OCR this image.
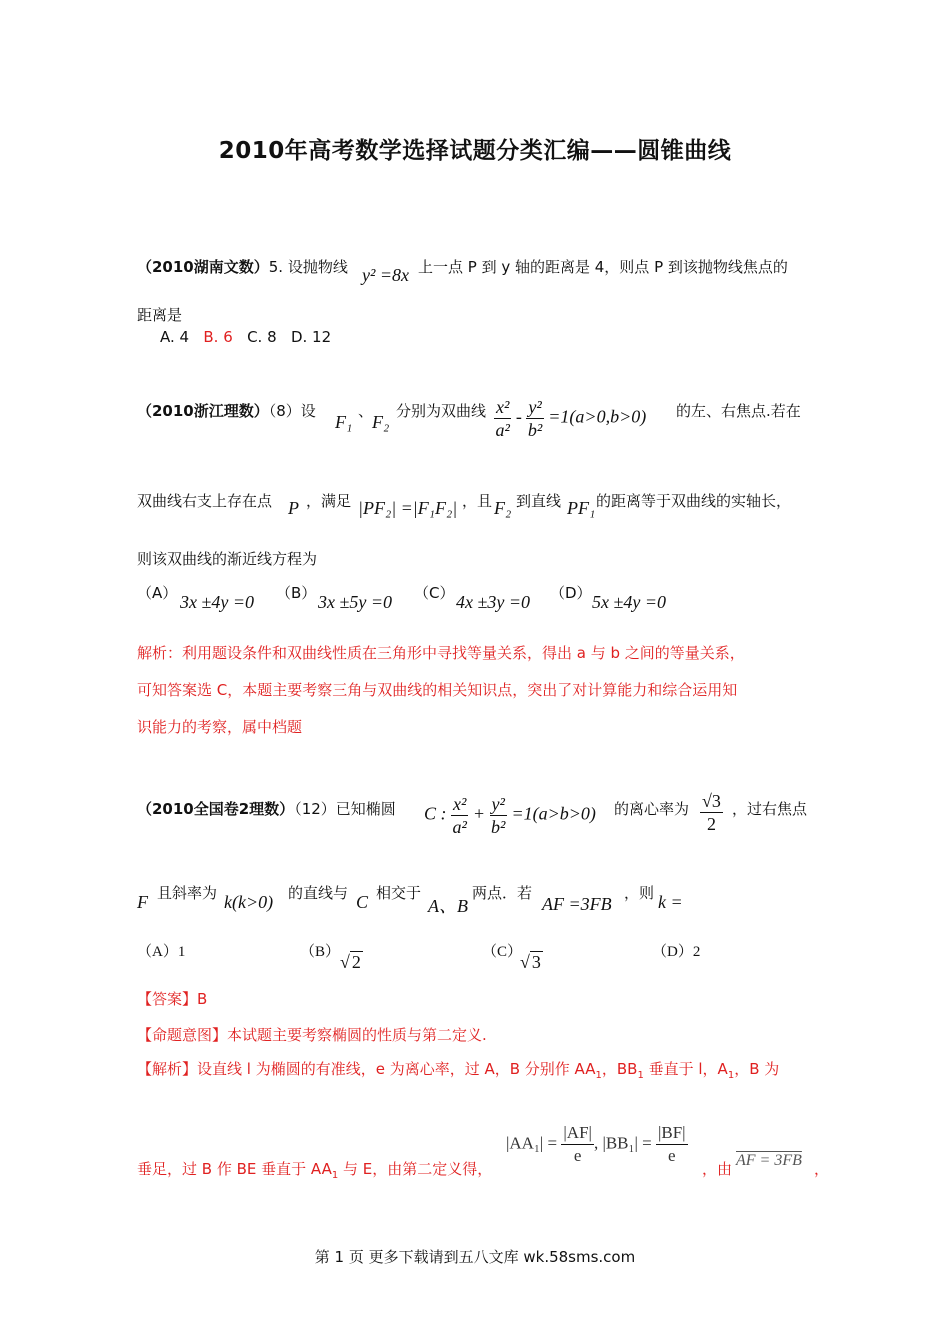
2010年高考数学选择试题分类汇编——圆锥曲线
（2010湖南文数）5. 设抛物线 y² =8x 上一点 P 到 y 轴的距离是 4，则点 P 到该抛物线焦点的
距离是
A. 4 B. 6 C. 8 D. 12
（2010浙江理数）（8）设
F₁
、
F₂
分别为双曲线 $\frac{\text{x²}}{\text{a²}} - \frac{\text{y²}}{\text{b²}} =1(a>0,b>0)$ 的左、右焦点.若在
双曲线右支上存在点 P ，满足 |PF₂| =|F₁F₂| ，且 F₂ 到直线 PF₁ 的距离等于双曲线的实轴长，
则该双曲线的渐近线方程为
（A） 3x ±4y =0 （B） 3x ±5y =0 （C） 4x ±3y =0 （D） 5x ±4y =0
解析：利用题设条件和双曲线性质在三角形中寻找等量关系，得出 a 与 b 之间的等量关系，
可知答案选 C，本题主要考察三角与双曲线的相关知识点，突出了对计算能力和综合运用知
识能力的考察，属中档题
（2010全国卷2理数）（12）已知椭圆 C : $\frac{\text{x²}}{\text{a²}} + \frac{\text{y²}}{\text{b²}} =1(a>b>0)$ 的离心率为 $\frac{√3}{2}$ ，过右焦点
F 且斜率为 k(k>0) 的直线与 C 相交于
A、B
两点．若
AF =3FB
，则 k =
（A）1	（B） √ 2	（C）
√ 3	（D）2
【答案】B
【命题意图】本试题主要考察椭圆的性质与第二定义.
【解析】设直线 l 为椭圆的有准线，e 为离心率，过 A，B 分别作 $AA_1$，$BB_1$ 垂直于 l，$A_1$，B 为
垂足，过 B 作 BE 垂直于 $AA_1$ 与 E，由第二定义得，
$|AA_1| = \frac{|AF|}{e}$ , $|BB_1| = \frac{|BF|}{e}$
，由 AF = 3FB ，
第 1 页 更多下载请到五八文库 wk.58sms.com
